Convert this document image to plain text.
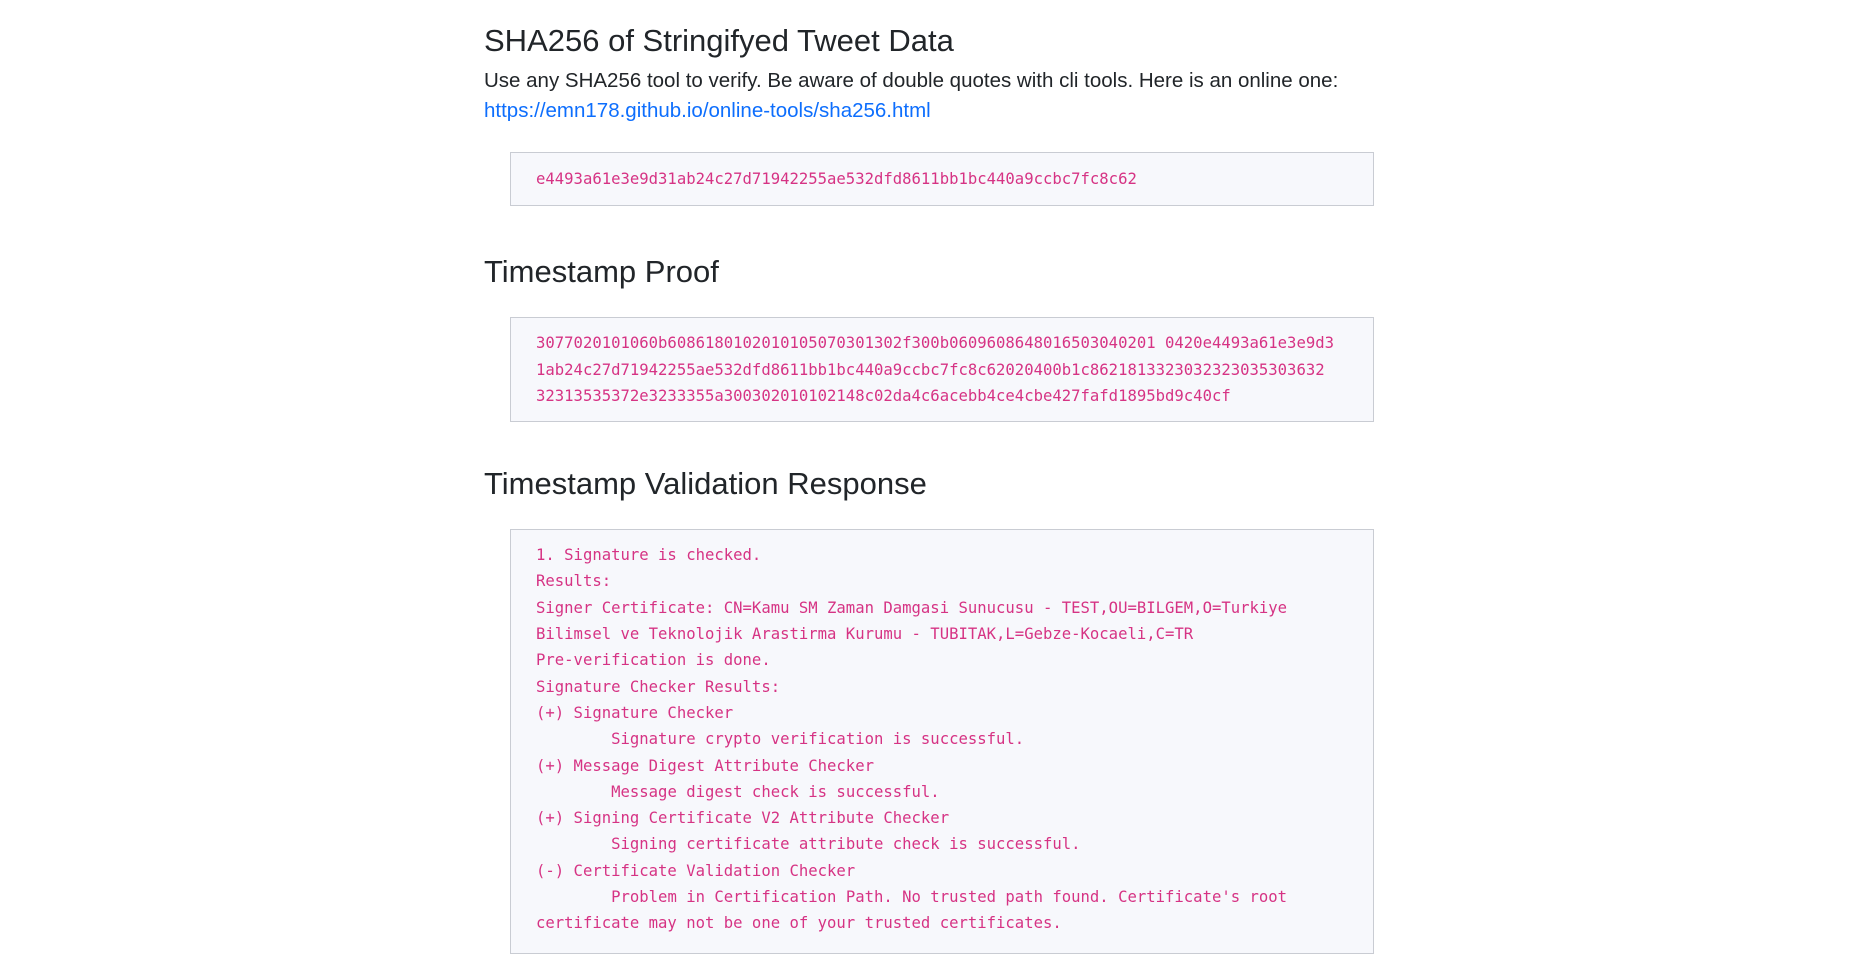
SHA256 of Stringifyed Tweet Data

Use any SHA256 tool to verify. Be aware of double quotes with cli tools. Here is an online one:
https://emn178.github.io/online-tools/sha256.html

e4493a61e3e9d31ab24c27d71942255ae532dfd8611bb1bc440a9ccbc7fc8c62
Timestamp Proof
3077020101060b6086180102010105070301302f300b0609608648016503040201 0420e4493a61e3e9d3
1ab24c27d71942255ae532dfd8611bb1bc440a9ccbc7fc8c62020400b1c8621813323032323035303632
32313535372e3233355a300302010102148c02da4c6acebb4ce4cbe427fafd1895bd9c40cf
Timestamp Validation Response
1. Signature is checked.
Results:
Signer Certificate: CN=Kamu SM Zaman Damgasi Sunucusu - TEST,OU=BILGEM,O=Turkiye
Bilimsel ve Teknolojik Arastirma Kurumu - TUBITAK,L=Gebze-Kocaeli,C=TR
Pre-verification is done.
Signature Checker Results:
(+) Signature Checker
Signature crypto verification is successful.
(+) Message Digest Attribute Checker
Message digest check is successful.
(+) Signing Certificate V2 Attribute Checker
Signing certificate attribute check is successful.
(-) Certificate Validation Checker
Problem in Certification Path. No trusted path found. Certificate's root
certificate may not be one of your trusted certificates.
